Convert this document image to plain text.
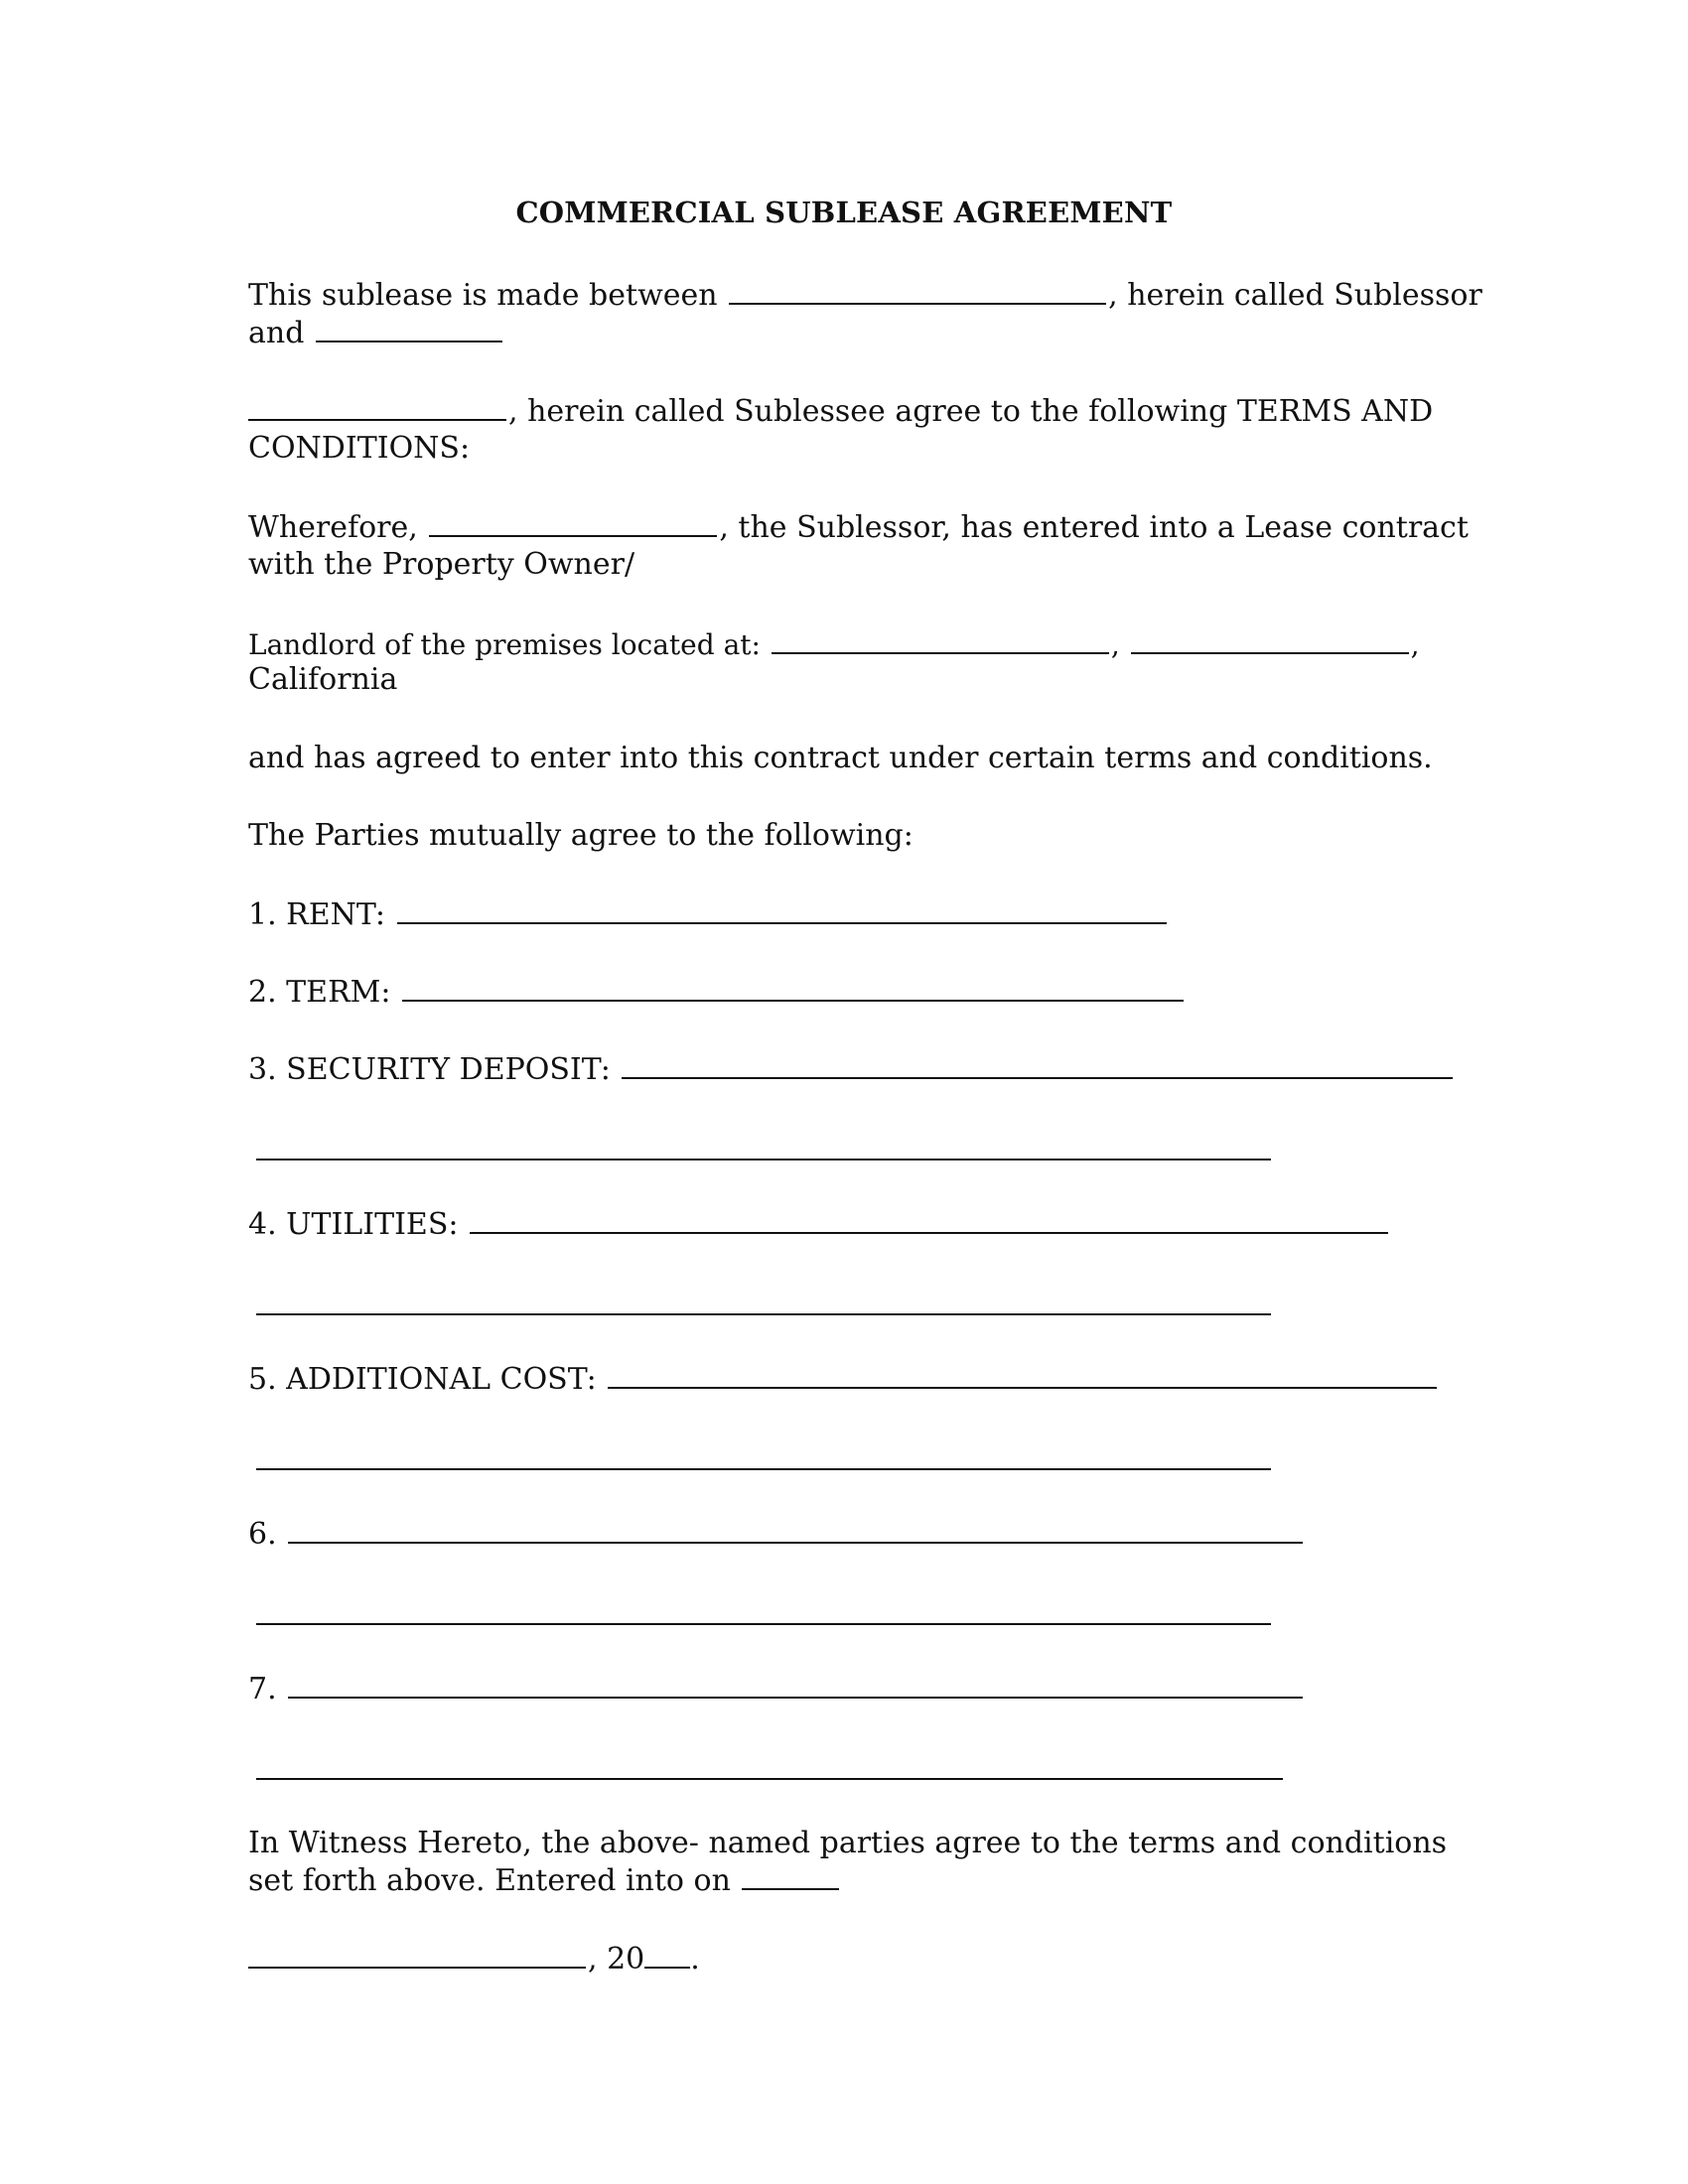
COMMERCIAL SUBLEASE AGREEMENT
This sublease is made between	, herein called Sublessor
and
, herein called Sublessee agree to the following TERMS AND
CONDITIONS:
Wherefore,	, the Sublessor, has entered into a Lease contract
with the Property Owner/
Landlord of the premises located at:	,	,
California
and has agreed to enter into this contract under certain terms and conditions.
The Parties mutually agree to the following:
1. RENT:
2. TERM:
3. SECURITY DEPOSIT:
4. UTILITIES:
5. ADDITIONAL COST:
6.
7.
In Witness Hereto, the above- named parties agree to the terms and conditions
set forth above. Entered into on
, 20 .
